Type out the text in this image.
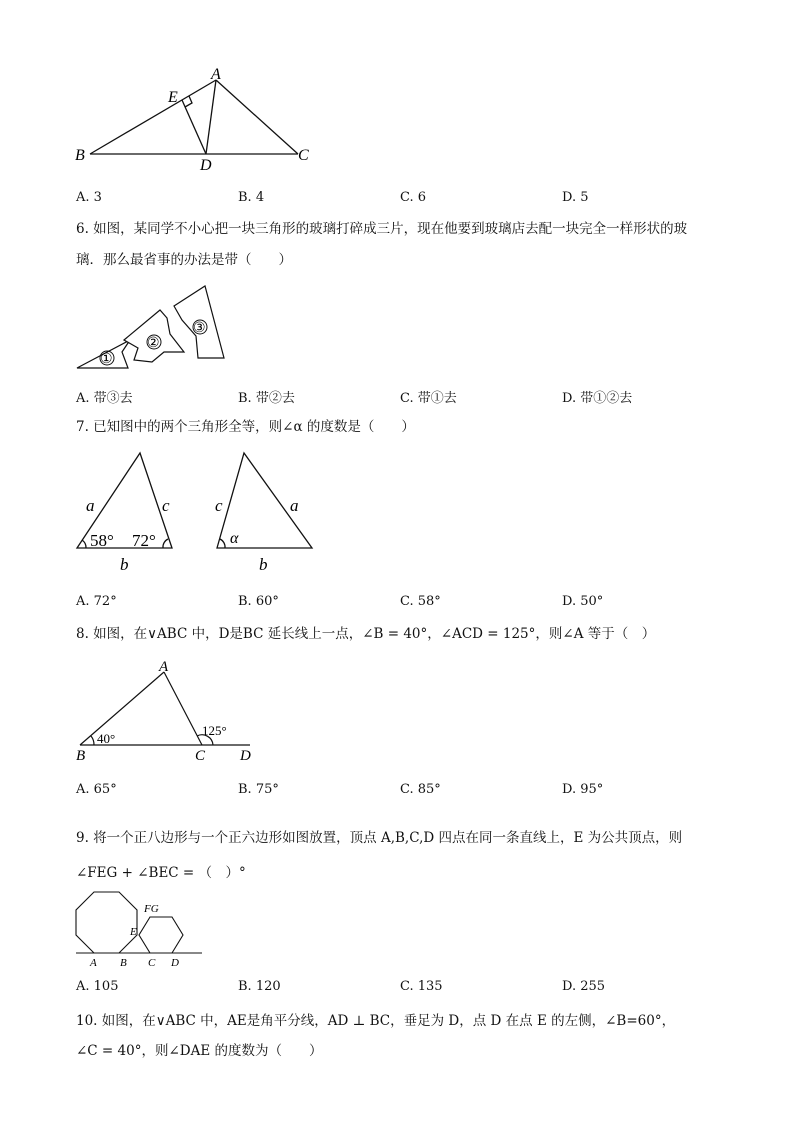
A
E
B
D
C
A. 3	B. 4	C. 6	D. 5
6. 如图，某同学不小心把一块三角形的玻璃打碎成三片，现在他要到玻璃店去配一块完全一样形状的玻
璃．那么最省事的办法是带（　　）
①
②
③
A. 带③去	B. 带②去	C. 带①去	D. 带①②去
7. 已知图中的两个三角形全等，则∠α 的度数是（　　）
a	c
58° 72°
b
c	a
α
b
A. 72°	B. 60°	C. 58°	D. 50°
8. 如图，在∨ABC 中，D是BC 延长线上一点，∠B = 40°，∠ACD = 125°，则∠A 等于（　）
A
40°
125°
B	C D
A. 65°	B. 75°	C. 85°	D. 95°
9. 将一个正八边形与一个正六边形如图放置，顶点 A,B,C,D 四点在同一条直线上，E 为公共顶点，则
∠FEG + ∠BEC = （　）°
FG
E
A B C D
A. 105	B. 120	C. 135	D. 255
10. 如图，在∨ABC 中，AE是角平分线，AD ⊥ BC，垂足为 D，点 D 在点 E 的左侧，∠B=60°，
∠C = 40°，则∠DAE 的度数为（　　）
